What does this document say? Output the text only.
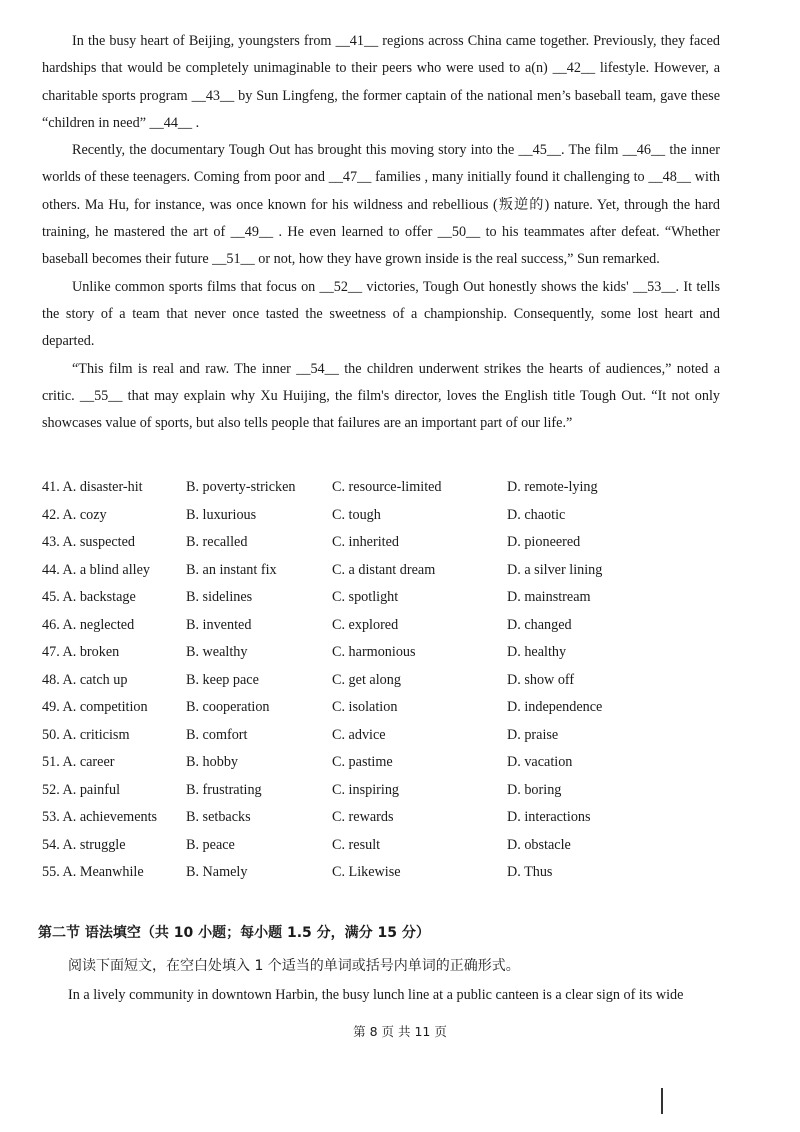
In the busy heart of Beijing, youngsters from __41__ regions across China came together. Previously, they faced hardships that would be completely unimaginable to their peers who were used to a(n) __42__ lifestyle. However, a charitable sports program __43__ by Sun Lingfeng, the former captain of the national men’s baseball team, gave these “children in need” __44__ .

Recently, the documentary Tough Out has brought this moving story into the __45__. The film __46__ the inner worlds of these teenagers. Coming from poor and __47__ families , many initially found it challenging to __48__ with others. Ma Hu, for instance, was once known for his wildness and rebellious (叛逆的) nature. Yet, through the hard training, he mastered the art of __49__ . He even learned to offer __50__ to his teammates after defeat. “Whether baseball becomes their future __51__ or not, how they have grown inside is the real success,” Sun remarked.

Unlike common sports films that focus on __52__ victories, Tough Out honestly shows the kids' __53__. It tells the story of a team that never once tasted the sweetness of a championship. Consequently, some lost heart and departed.

“This film is real and raw. The inner __54__ the children underwent strikes the hearts of audiences,” noted a critic. __55__ that may explain why Xu Huijing, the film's director, loves the English title Tough Out. “It not only showcases value of sports, but also tells people that failures are an important part of our life.”

41. A. disaster-hit	B. poverty-stricken	C. resource-limited	D. remote-lying
42. A. cozy	B. luxurious	C. tough	D. chaotic
43. A. suspected	B. recalled	C. inherited	D. pioneered
44. A. a blind alley	B. an instant fix	C. a distant dream	D. a silver lining
45. A. backstage	B. sidelines	C. spotlight	D. mainstream
46. A. neglected	B. invented	C. explored	D. changed
47. A. broken	B. wealthy	C. harmonious	D. healthy
48. A. catch up	B. keep pace	C. get along	D. show off
49. A. competition	B. cooperation	C. isolation	D. independence
50. A. criticism	B. comfort	C. advice	D. praise
51. A. career	B. hobby	C. pastime	D. vacation
52. A. painful	B. frustrating	C. inspiring	D. boring
53. A. achievements B. setbacks	C. rewards	D. interactions
54. A. struggle	B. peace	C. result	D. obstacle
55. A. Meanwhile	B. Namely	C. Likewise	D. Thus
第二节 语法填空（共 10 小题；每小题 1.5 分，满分 15 分）
阅读下面短文，在空白处填入 1 个适当的单词或括号内单词的正确形式。
In a lively community in downtown Harbin, the busy lunch line at a public canteen is a clear sign of its wide
第 8 页 共 11 页
